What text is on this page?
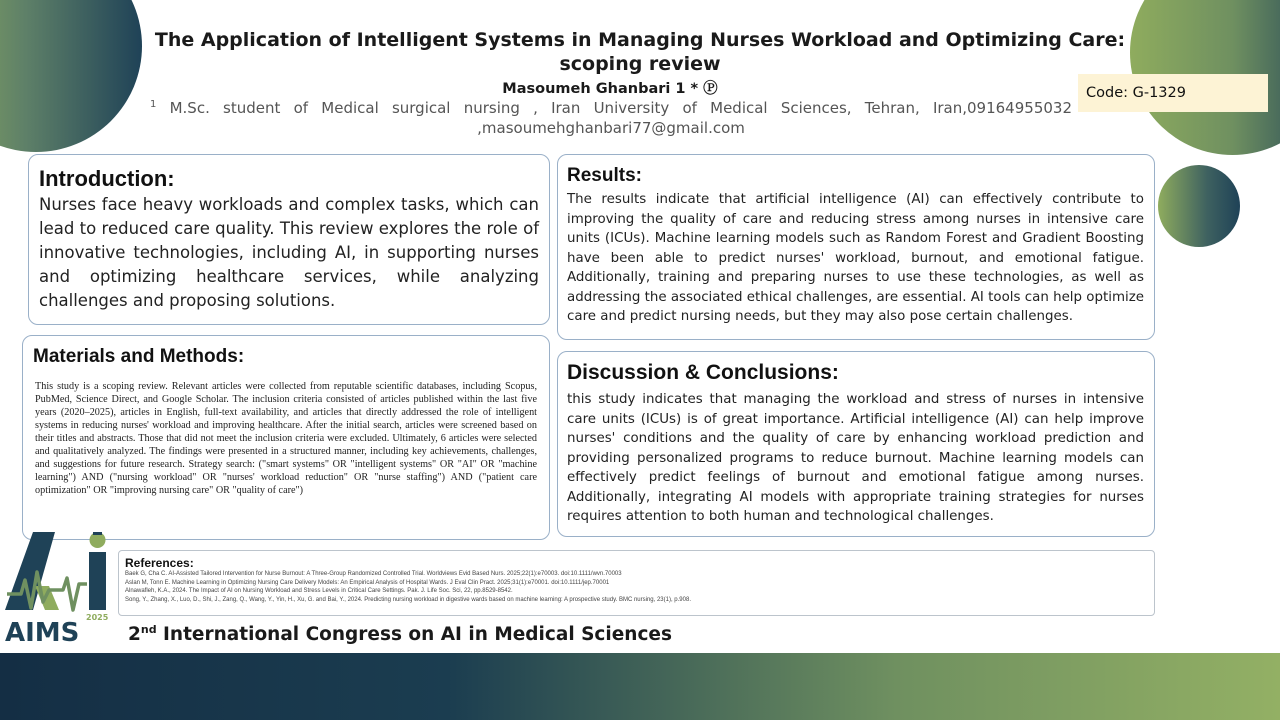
The Application of Intelligent Systems in Managing Nurses Workload and Optimizing Care:
scoping review
Masoumeh Ghanbari 1 * Ⓟ
$^1$ M.Sc. student of Medical surgical nursing , Iran University of Medical Sciences, Tehran, Iran,09164955032 ,masoumehghanbari77@gmail.com
Code: G-1329
Introduction:
Nurses face heavy workloads and complex tasks, which can lead to reduced care quality. This review explores the role of innovative technologies, including AI, in supporting nurses and optimizing healthcare services, while analyzing challenges and proposing solutions.
Materials and Methods:
This study is a scoping review. Relevant articles were collected from reputable scientific databases, including Scopus, PubMed, Science Direct, and Google Scholar. The inclusion criteria consisted of articles published within the last five years (2020–2025), articles in English, full-text availability, and articles that directly addressed the role of intelligent systems in reducing nurses' workload and improving healthcare. After the initial search, articles were screened based on their titles and abstracts. Those that did not meet the inclusion criteria were excluded. Ultimately, 6 articles were selected and qualitatively analyzed. The findings were presented in a structured manner, including key achievements, challenges, and suggestions for future research. Strategy search: ("smart systems" OR "intelligent systems" OR "AI" OR "machine learning") AND ("nursing workload" OR "nurses' workload reduction" OR "nurse staffing") AND ("patient care optimization" OR "improving nursing care" OR "quality of care")
Results:
The results indicate that artificial intelligence (AI) can effectively contribute to improving the quality of care and reducing stress among nurses in intensive care units (ICUs). Machine learning models such as Random Forest and Gradient Boosting have been able to predict nurses' workload, burnout, and emotional fatigue. Additionally, training and preparing nurses to use these technologies, as well as addressing the associated ethical challenges, are essential. AI tools can help optimize care and predict nursing needs, but they may also pose certain challenges.
Discussion & Conclusions:
this study indicates that managing the workload and stress of nurses in intensive care units (ICUs) is of great importance. Artificial intelligence (AI) can help improve nurses' conditions and the quality of care by enhancing workload prediction and providing personalized programs to reduce burnout. Machine learning models can effectively predict feelings of burnout and emotional fatigue among nurses. Additionally, integrating AI models with appropriate training strategies for nurses requires attention to both human and technological challenges.
References:
Baek G, Cha C. AI-Assisted Tailored Intervention for Nurse Burnout: A Three-Group Randomized Controlled Trial. Worldviews Evid Based Nurs. 2025;22(1):e70003. doi:10.1111/wvn.70003
Aslan M, Tonn E. Machine Learning in Optimizing Nursing Care Delivery Models: An Empirical Analysis of Hospital Wards. J Eval Clin Pract. 2025;31(1):e70001. doi:10.1111/jep.70001
Alnawafleh, K.A., 2024. The Impact of AI on Nursing Workload and Stress Levels in Critical Care Settings. Pak. J. Life Soc. Sci, 22, pp.8529-8542.
Song, Y., Zhang, X., Luo, D., Shi, J., Zang, Q., Wang, Y., Yin, H., Xu, G. and Bai, Y., 2024. Predicting nursing workload in digestive wards based on machine learning: A prospective study. BMC nursing, 23(1), p.908.
AIMS
2025
2nd International Congress on AI in Medical Sciences
